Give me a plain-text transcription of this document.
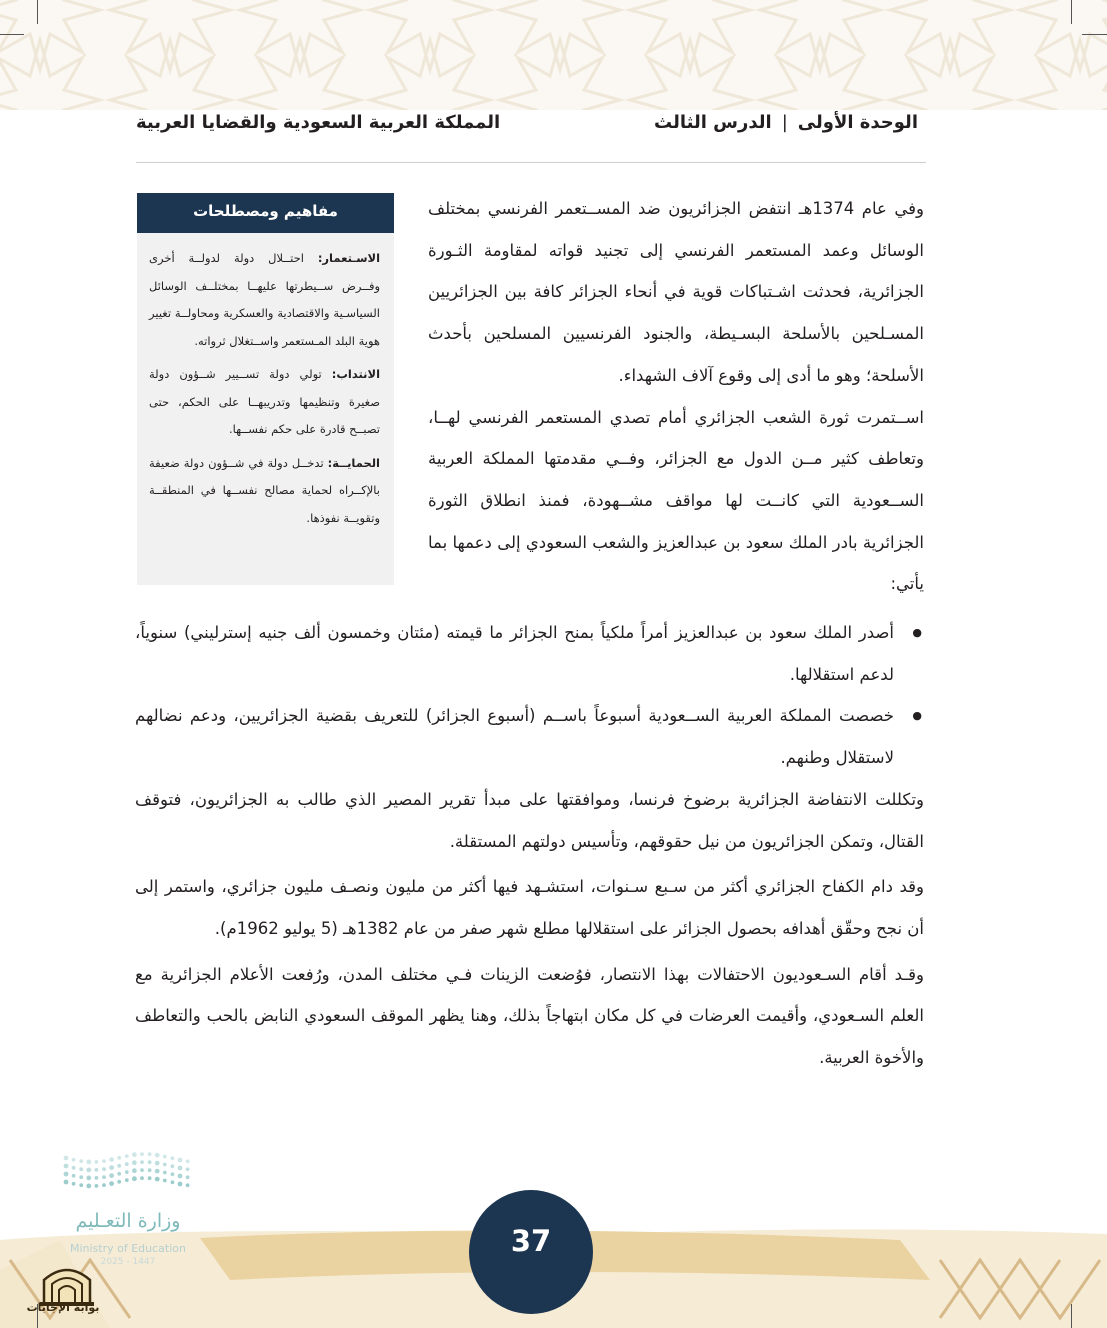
الوحدة الأولى|الدرس الثالث
المملكة العربية السعودية والقضايا العربية
مفاهيم ومصطلحات
الاسـتعمار: احتــلال دولة لدولــة أخرى وفــرض ســيطرتها عليهــا بمختلــف الوسائل السياسـية والاقتصادية والعسكرية ومحاولــة تغيير هوية البلد المـستعمر واســتغلال ثرواته.
الانتداب: تولي دولة تســيير شــؤون دولة صغيرة وتنظيمها وتدريبهــا على الحكم، حتى تصبــح قادرة على حكم نفســها.
الحمايــة: تدخــل دولة في شــؤون دولة ضعيفة بالإكــراه لحماية مصالح نفســها في المنطقــة وتقويــة نفوذها.

وفي عام 1374هـ انتفض الجزائريون ضد المســتعمر الفرنسي بمختلف الوسائل وعمد المستعمر الفرنسي إلى تجنيد قواته لمقاومة الثـورة الجزائرية، فحدثت اشـتباكات قوية في أنحاء الجزائر كافة بين الجزائريين المسـلحين بالأسلحة البسـيطة، والجنود الفرنسيين المسلحين بأحدث الأسلحة؛ وهو ما أدى إلى وقوع آلاف الشهداء.

اســتمرت ثورة الشعب الجزائري أمام تصدي المستعمر الفرنسي لهــا، وتعاطف كثير مــن الدول مع الجزائر، وفــي مقدمتها المملكة العربية الســعودية التي كانــت لها مواقف مشــهودة، فمنذ انطلاق الثورة الجزائرية بادر الملك سعود بن عبدالعزيز والشعب السعودي إلى دعمها بما يأتي:

● أصدر الملك سعود بن عبدالعزيز أمراً ملكياً بمنح الجزائر ما قيمته (مئتان وخمسون ألف جنيه إسترليني) سنوياً، لدعم استقلالها.

● خصصت المملكة العربية الســعودية أسبوعاً باســم (أسبوع الجزائر) للتعريف بقضية الجزائريين، ودعم نضالهم لاستقلال وطنهم.

وتكللت الانتفاضة الجزائرية برضوخ فرنسا، وموافقتها على مبدأ تقرير المصير الذي طالب به الجزائريون، فتوقف القتال، وتمكن الجزائريون من نيل حقوقهم، وتأسيس دولتهم المستقلة.

وقد دام الكفاح الجزائري أكثر من سـبع سـنوات، استشـهد فيها أكثر من مليون ونصـف مليون جزائري، واستمر إلى أن نجح وحقّق أهدافه بحصول الجزائر على استقلالها مطلع شهر صفر من عام 1382هـ (5 يوليو 1962م).

وقـد أقام السـعوديون الاحتفالات بهذا الانتصار، فوُضعت الزينات فـي مختلف المدن، ورُفعت الأعلام الجزائرية مع العلم السـعودي، وأقيمت العرضات في كل مكان ابتهاجاً بذلك، وهنا يظهر الموقف السعودي النابض بالحب والتعاطف والأخوة العربية.

وزارة التعـليم
Ministry of Education
2025 - 1447
37
بوابة الإجابات
